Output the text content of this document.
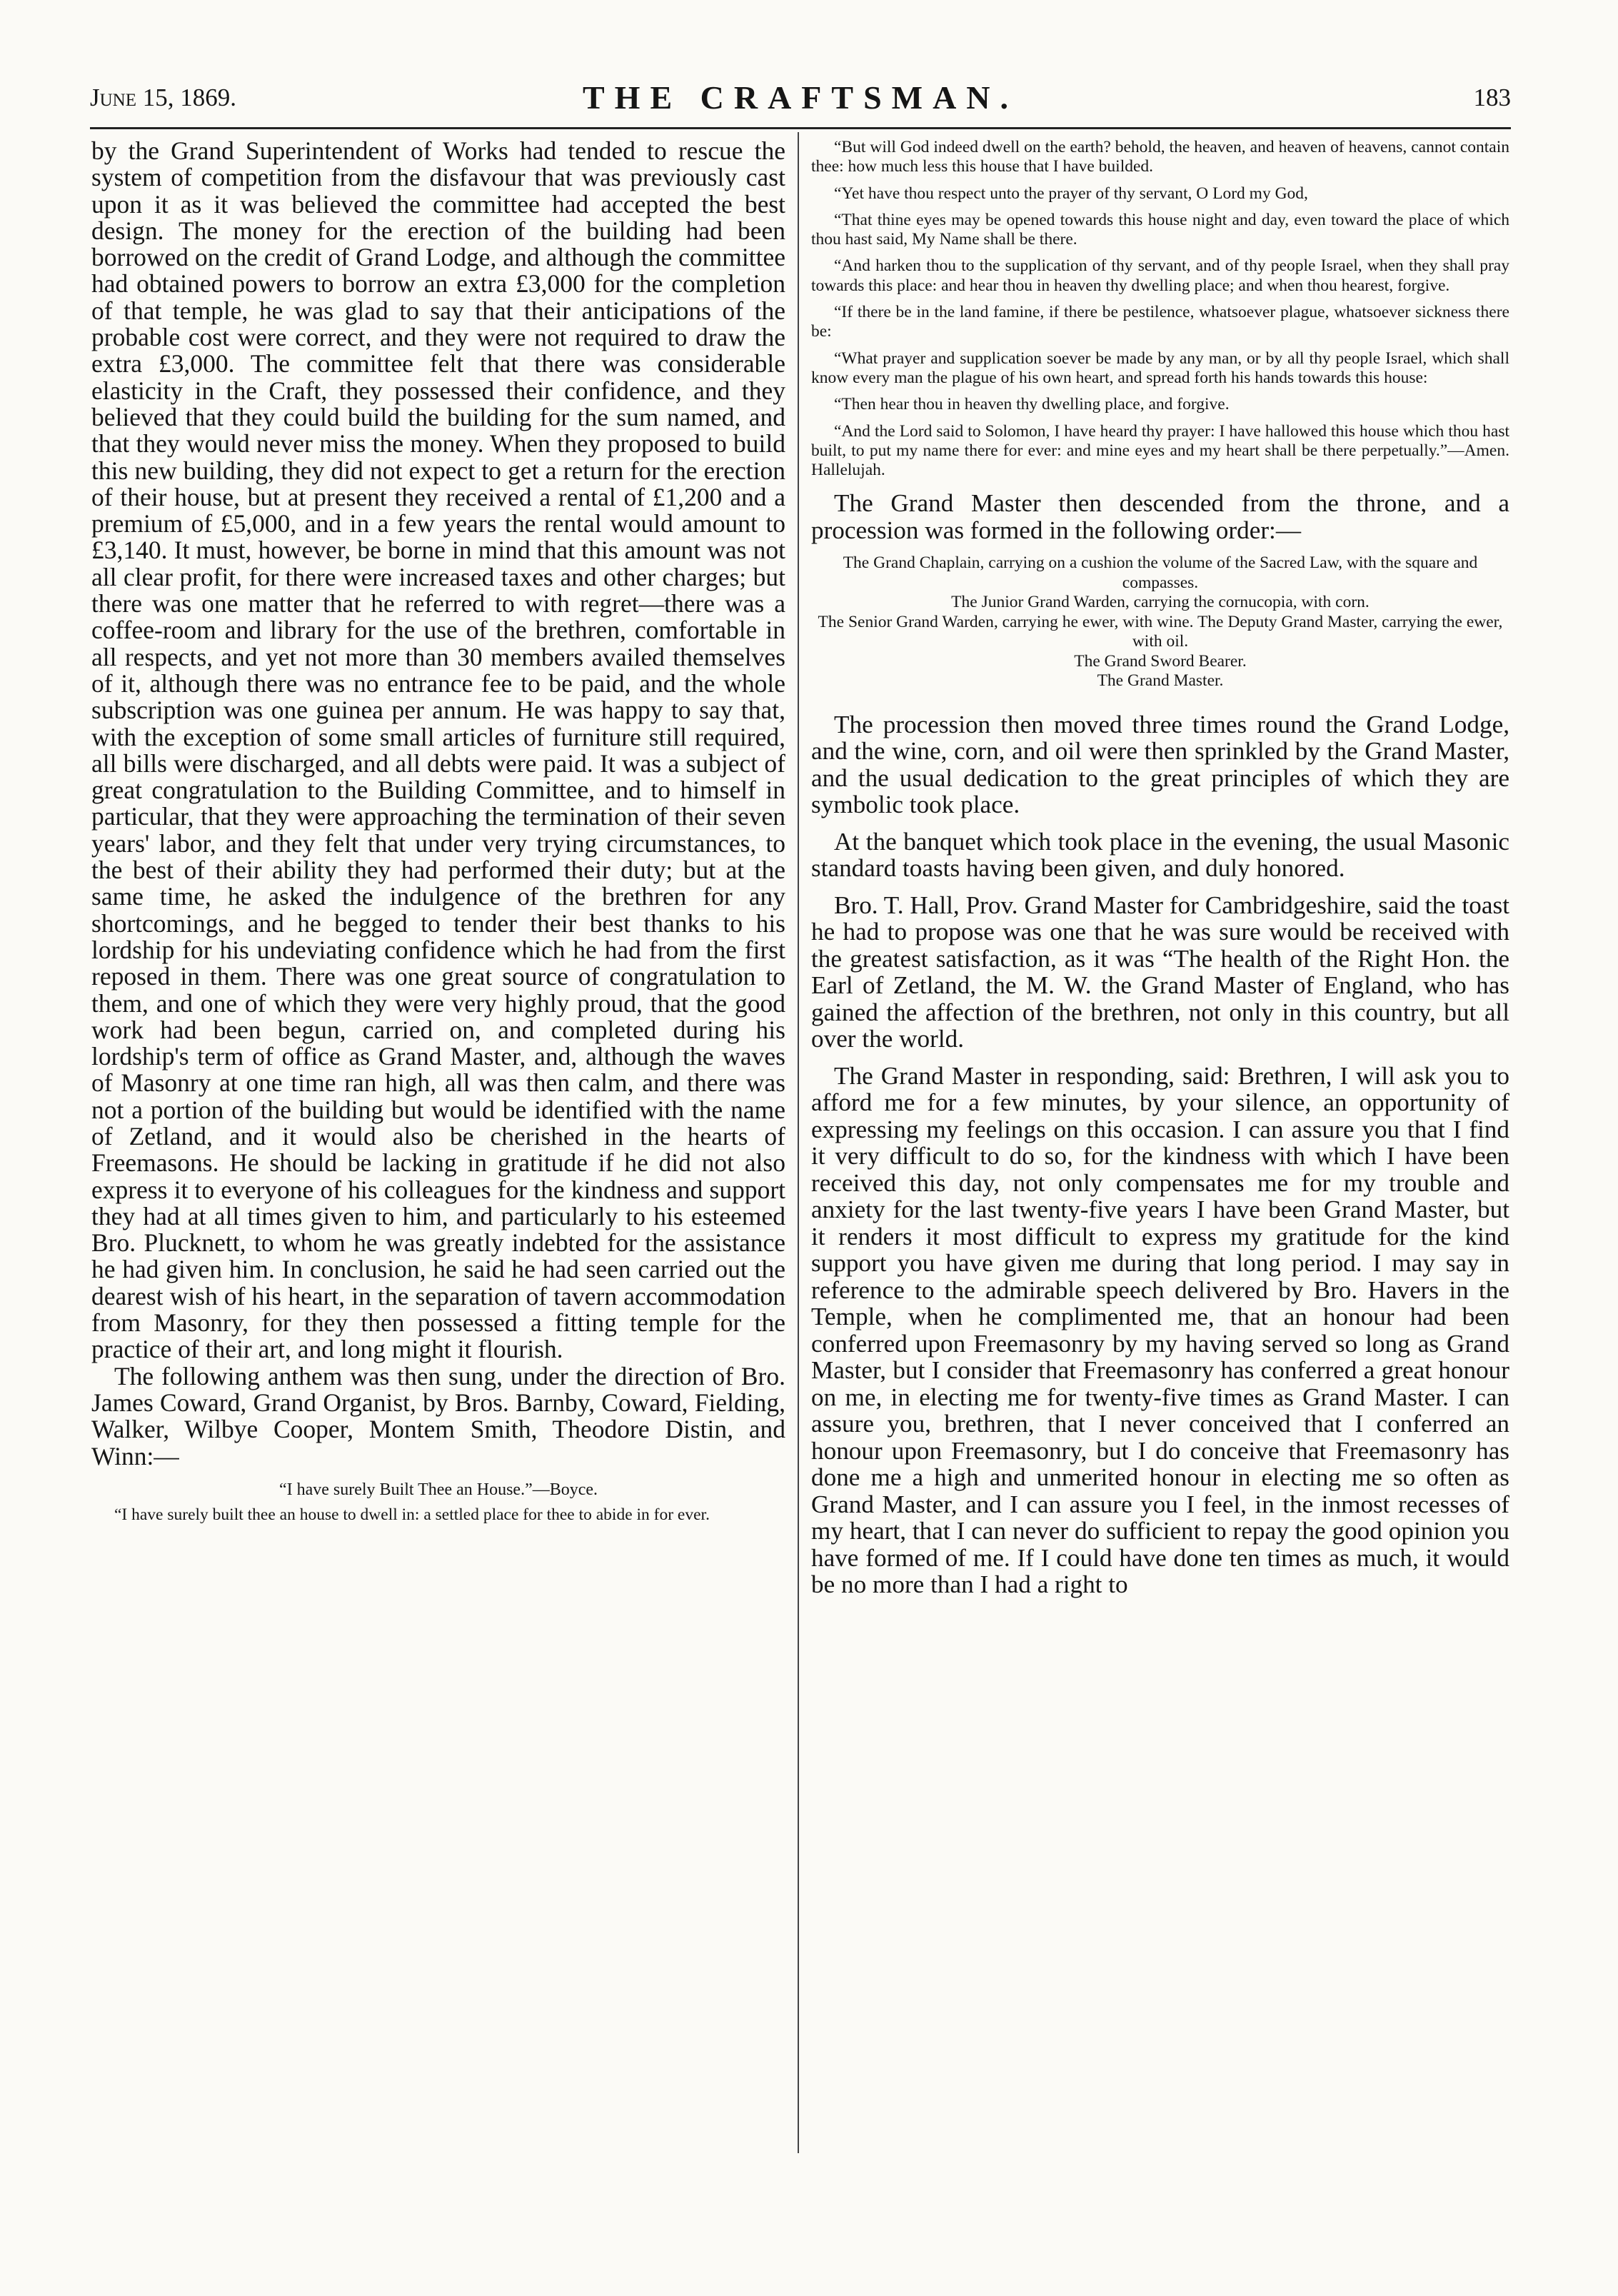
June 15, 1869.	THE CRAFTSMAN.	183

by the Grand Superintendent of Works had tended to rescue the system of competition from the disfavour that was previously cast upon it as it was believed the committee had accepted the best design. The money for the erection of the building had been borrowed on the credit of Grand Lodge, and although the committee had obtained powers to borrow an extra £3,000 for the completion of that temple, he was glad to say that their anticipations of the probable cost were correct, and they were not required to draw the extra £3,000. The committee felt that there was considerable elasticity in the Craft, they possessed their confidence, and they believed that they could build the building for the sum named, and that they would never miss the money. When they proposed to build this new building, they did not expect to get a return for the erection of their house, but at present they received a rental of £1,200 and a premium of £5,000, and in a few years the rental would amount to £3,140. It must, however, be borne in mind that this amount was not all clear profit, for there were increased taxes and other charges; but there was one matter that he referred to with regret—there was a coffee-room and library for the use of the brethren, comfortable in all respects, and yet not more than 30 members availed themselves of it, although there was no entrance fee to be paid, and the whole subscription was one guinea per annum. He was happy to say that, with the exception of some small articles of furniture still required, all bills were discharged, and all debts were paid. It was a subject of great congratulation to the Building Committee, and to himself in particular, that they were approaching the termination of their seven years' labor, and they felt that under very trying circumstances, to the best of their ability they had performed their duty; but at the same time, he asked the indulgence of the brethren for any shortcomings, and he begged to tender their best thanks to his lordship for his undeviating confidence which he had from the first reposed in them. There was one great source of congratulation to them, and one of which they were very highly proud, that the good work had been begun, carried on, and completed during his lordship's term of office as Grand Master, and, although the waves of Masonry at one time ran high, all was then calm, and there was not a portion of the building but would be identified with the name of Zetland, and it would also be cherished in the hearts of Freemasons. He should be lacking in gratitude if he did not also express it to everyone of his colleagues for the kindness and support they had at all times given to him, and particularly to his esteemed Bro. Plucknett, to whom he was greatly indebted for the assistance he had given him. In conclusion, he said he had seen carried out the dearest wish of his heart, in the separation of tavern accommodation from Masonry, for they then possessed a fitting temple for the practice of their art, and long might it flourish.

The following anthem was then sung, under the direction of Bro. James Coward, Grand Organist, by Bros. Barnby, Coward, Fielding, Walker, Wilbye Cooper, Montem Smith, Theodore Distin, and Winn:—

“I have surely Built Thee an House.”—Boyce.

“I have surely built thee an house to dwell in: a settled place for thee to abide in for ever.

“But will God indeed dwell on the earth? behold, the heaven, and heaven of heavens, cannot contain thee: how much less this house that I have builded.

“Yet have thou respect unto the prayer of thy servant, O Lord my God,

“That thine eyes may be opened towards this house night and day, even toward the place of which thou hast said, My Name shall be there.

“And harken thou to the supplication of thy servant, and of thy people Israel, when they shall pray towards this place: and hear thou in heaven thy dwelling place; and when thou hearest, forgive.

“If there be in the land famine, if there be pestilence, whatsoever plague, whatsoever sickness there be:

“What prayer and supplication soever be made by any man, or by all thy people Israel, which shall know every man the plague of his own heart, and spread forth his hands towards this house:

“Then hear thou in heaven thy dwelling place, and forgive.

“And the Lord said to Solomon, I have heard thy prayer: I have hallowed this house which thou hast built, to put my name there for ever: and mine eyes and my heart shall be there perpetually.”—Amen. Hallelujah.

The Grand Master then descended from the throne, and a procession was formed in the following order:—

The Grand Chaplain, carrying on a cushion the volume of the Sacred Law, with the square and compasses.

The Junior Grand Warden, carrying the cornucopia, with corn.

The Senior Grand Warden, carrying he ewer, with wine. The Deputy Grand Master, carrying the ewer, with oil.

The Grand Sword Bearer.

The Grand Master.

The procession then moved three times round the Grand Lodge, and the wine, corn, and oil were then sprinkled by the Grand Master, and the usual dedication to the great principles of which they are symbolic took place.

At the banquet which took place in the evening, the usual Masonic standard toasts having been given, and duly honored.

Bro. T. Hall, Prov. Grand Master for Cambridgeshire, said the toast he had to propose was one that he was sure would be received with the greatest satisfaction, as it was “The health of the Right Hon. the Earl of Zetland, the M. W. the Grand Master of England, who has gained the affection of the brethren, not only in this country, but all over the world.

The Grand Master in responding, said: Brethren, I will ask you to afford me for a few minutes, by your silence, an opportunity of expressing my feelings on this occasion. I can assure you that I find it very difficult to do so, for the kindness with which I have been received this day, not only compensates me for my trouble and anxiety for the last twenty-five years I have been Grand Master, but it renders it most difficult to express my gratitude for the kind support you have given me during that long period. I may say in reference to the admirable speech delivered by Bro. Havers in the Temple, when he complimented me, that an honour had been conferred upon Freemasonry by my having served so long as Grand Master, but I consider that Freemasonry has conferred a great honour on me, in electing me for twenty-five times as Grand Master. I can assure you, brethren, that I never conceived that I conferred an honour upon Freemasonry, but I do conceive that Freemasonry has done me a high and unmerited honour in electing me so often as Grand Master, and I can assure you I feel, in the inmost recesses of my heart, that I can never do sufficient to repay the good opinion you have formed of me. If I could have done ten times as much, it would be no more than I had a right to
